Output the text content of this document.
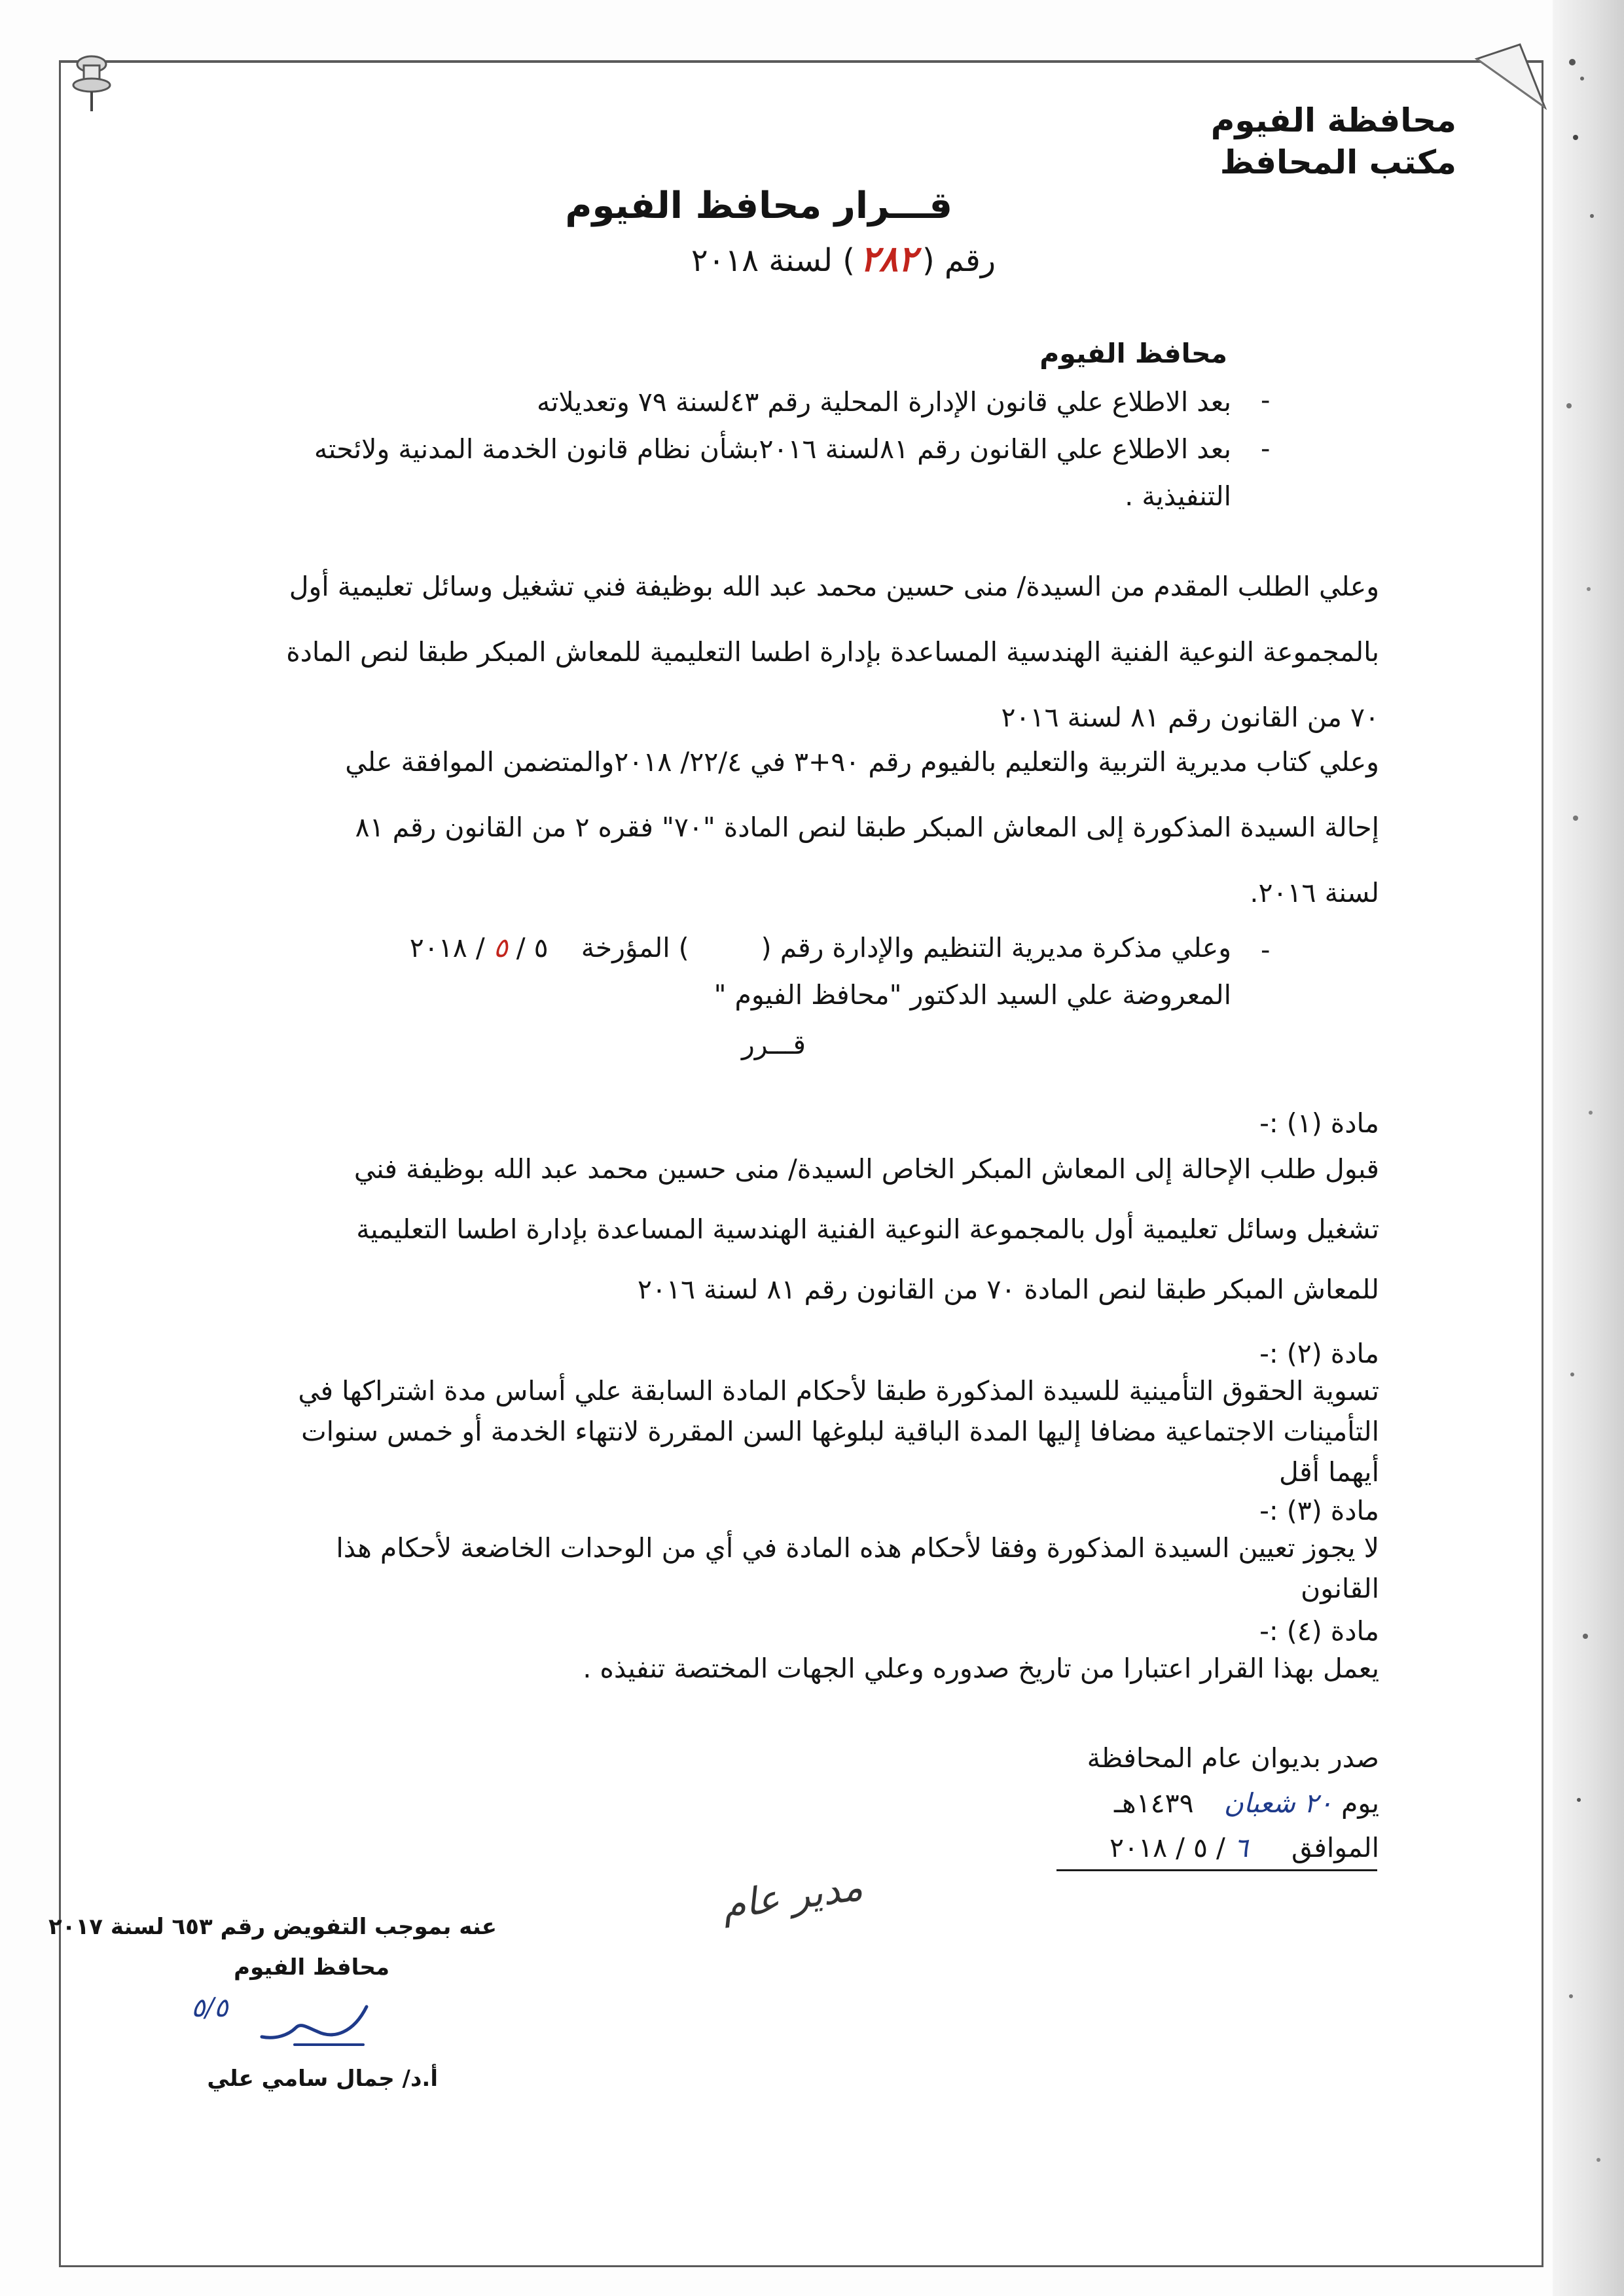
محافظة الفيوم
مكتب المحافظ
قـــرار محافظ الفيوم
رقم (٢٨٢) لسنة ٢٠١٨
محافظ الفيوم
-
بعد الاطلاع علي قانون الإدارة المحلية رقم ٤٣لسنة ٧٩ وتعديلاته
-
بعد الاطلاع علي القانون رقم ٨١لسنة ٢٠١٦بشأن نظام قانون الخدمة المدنية ولائحته
التنفيذية .
وعلي الطلب المقدم من السيدة/ منى حسين محمد عبد الله بوظيفة فني تشغيل وسائل تعليمية أول
بالمجموعة النوعية الفنية الهندسية المساعدة بإدارة اطسا التعليمية للمعاش المبكر طبقا لنص المادة
٧٠ من القانون رقم ٨١ لسنة ٢٠١٦
وعلي كتاب مديرية التربية والتعليم بالفيوم رقم ٩٠+٣ في ٢٢/٤/ ٢٠١٨والمتضمن الموافقة علي
إحالة السيدة المذكورة إلى المعاش المبكر طبقا لنص المادة "٧٠" فقره ٢ من القانون رقم ٨١
لسنة ٢٠١٦.
-
وعلي مذكرة مديرية التنظيم والإدارة رقم () المؤرخة  ٥ / ٥ / ٢٠١٨
المعروضة علي السيد الدكتور "محافظ الفيوم "
قـــرر
مادة (١) :-
قبول طلب الإحالة إلى المعاش المبكر الخاص السيدة/ منى حسين محمد عبد الله بوظيفة فني
تشغيل وسائل تعليمية أول بالمجموعة النوعية الفنية الهندسية المساعدة بإدارة اطسا التعليمية
للمعاش المبكر طبقا لنص المادة ٧٠ من القانون رقم ٨١ لسنة ٢٠١٦
مادة (٢) :-
تسوية الحقوق التأمينية للسيدة المذكورة طبقا لأحكام المادة السابقة علي أساس مدة اشتراكها في
التأمينات الاجتماعية مضافا إليها المدة الباقية لبلوغها السن المقررة لانتهاء الخدمة أو خمس سنوات
أيهما أقل
مادة (٣) :-
لا يجوز تعيين السيدة المذكورة وفقا لأحكام هذه المادة في أي من الوحدات الخاضعة لأحكام هذا
القانون
مادة (٤) :-
يعمل بهذا القرار اعتبارا من تاريخ صدوره وعلي الجهات المختصة تنفيذه .
صدر بديوان عام المحافظة
يوم ٢٠ شعبان  ١٤٣٩هـ
الموافق  ٦ / ٥ / ٢٠١٨
مدير عام
عنه بموجب التفويض رقم ٦٥٣ لسنة ٢٠١٧
محافظ الفيوم
٥/٥
أ.د/ جمال سامي علي
